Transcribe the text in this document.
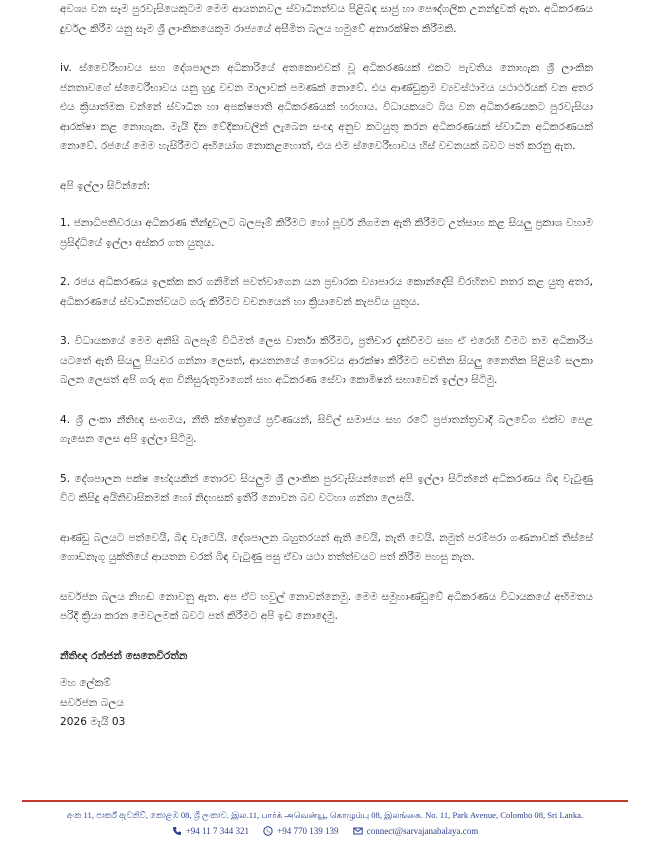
අවශ්‍ය වන සෑම පුරවැසියෙකුටම මෙම ආයතනවල ස්වාධීනත්වය පිළිබඳ සාජු හා පෞද්ගලික උනන්දුවක් ඇත. අධිකරණය දුර්වල කිරීම යනු සෑම ශ්‍රී ලාංකිකයෙකුම රාජ්‍යයේ අසීමිත බලය හමුවේ අනාරක්ෂිත කිරීමකි.

iv. ස්වෛරීභාවය සහ දේශපාලන අධිකාරියේ අතකොළුවක් වූ අධිකරණයක් එකට පැවතිය නොහැක ශ්‍රී ලාංකික ජනතාවගේ ස්වෛරීභාවය යනු හුදු වචන මාලාවක් පමණක් නොවේ. එය ආණ්ඩුක්‍රම ව්‍යවස්ථාමය යථාර්ථයක් වන අතර එය ක්‍රියාත්මක වන්නේ ස්වාධීන හා අපක්ෂපාති අධිකරණයක් හරහාය. විධායකයට බිය වන අධිකරණයකට පුරවැසියා ආරක්ෂා කළ නොහැක. මැයි දින වේදිකාවලින් ලැබෙන සංඥා අනුව කටයුතු කරන අධිකරණයක් ස්වාධීන අධිකරණයක් නොවේ. රජයේ මෙම හැසිරීමට අභියෝග නොකළහොත්, එය එම ස්වෛරීභාවය හිස් වචනයක් බවට පත් කරනු ඇත.

අපි ඉල්ලා සිටින්නේ:

1. ජනාධිපතිවරයා අධිකරණ තීන්දුවලට බලපෑම් කිරීමට හෝ පූර්ව නිගමන ඇති කිරීමට උත්සාහ කළ සියලු ප්‍රකාශ වහාම ප්‍රසිද්ධියේ ඉල්ලා අස්කර ගත යුතුය.

2. රජය අධිකරණය ඉලක්ක කර ගනිමින් පවත්වාගෙන යන ප්‍රචාරක ව්‍යාපාරය කොන්දේසි විරහිතව නතර කළ යුතු අතර, අධිකරණයේ ස්වාධීනත්වයට ගරු කිරීමට වචනයෙන් හා ක්‍රියාවෙන් කැපවිය යුතුය.

3. විධායකයේ මෙම අනිසි බලපෑම් විධිමත් ලෙස වාර්තා කිරීමට, ප්‍රතිචාර දැක්වීමට සහ ඒ එරෙහි වීමට තම අධිකාරිය යටතේ ඇති සියලු පියවර ගන්නා ලෙසත්, ආයතනයේ ගෞරවය ආරක්ෂා කිරීමට පවතින සියලු නෛතික පිළියම් සලකා බලන ලෙසත් අපි ගරු අග විනිසුරුතුමාගෙන් සහ අධිකරණ සේවා කොමිෂන් සභාවෙන් ඉල්ලා සිටිමු.

4. ශ්‍රී ලංකා නීතිඥ සංගමය, නීති ක්ෂේත්‍රයේ ප්‍රවීණයන්, සිවිල් සමාජය සහ රටේ ප්‍රජාතන්ත්‍රවාදී බලවේග එක්ව පෙළ ගැසෙන ලෙස අපි ඉල්ලා සිටිමු.

5. දේශපාලන පක්ෂ භේදයකින් තොරව සියලුම ශ්‍රී ලාංකික පුරවැසියන්ගෙන් අපි ඉල්ලා සිටින්නේ අධිකරණය බිඳ වැටුණු විට කිසිදු අයිතිවාසිකමක් හෝ නිදහසක් ඉතිරි නොවන බව වටහා ගන්නා ලෙසයි.

ආණ්ඩු බලයට පත්වෙයි, බිඳ වැටෙයි. දේශපාලන බහුතරයන් ඇති වෙයි, නැති වෙයි. නමුත් පරම්පරා ගණනාවක් තිස්සේ ගොඩනැගූ යුක්තියේ ආයතන වරක් බිඳ වැටුණු පසු ඒවා යථා තත්ත්වයට පත් කිරීම පහසු නැත.

සර්වජන බලය නිහඬ නොවනු ඇත. අප ඒට හවුල් නොවන්නෙමු. මෙම සමුහාණ්ඩුවේ අධිකරණය විධායකයේ අභිමතය පරිදි ක්‍රියා කරන මෙවලමක් බවට පත් කිරීමට අපි ඉඩ නොදෙමු.

නීතිඥ රන්ජන් සෙනෙවිරත්න
මහ ලේකම්
සර්වජන බලය
2026 මැයි 03
අංක 11, පාර්ක් ඇවනිව්, කොළඹ 08, ශ්‍රී ලංකාව. இல.11, பார்க் அவென்யூ, கொழும்பு 08, இலங்கை. No. 11, Park Avenue, Colombo 08, Sri Lanka.
+94 11 7 344 321
	+94 770 139 139
	connect@sarvajanabalaya.com
